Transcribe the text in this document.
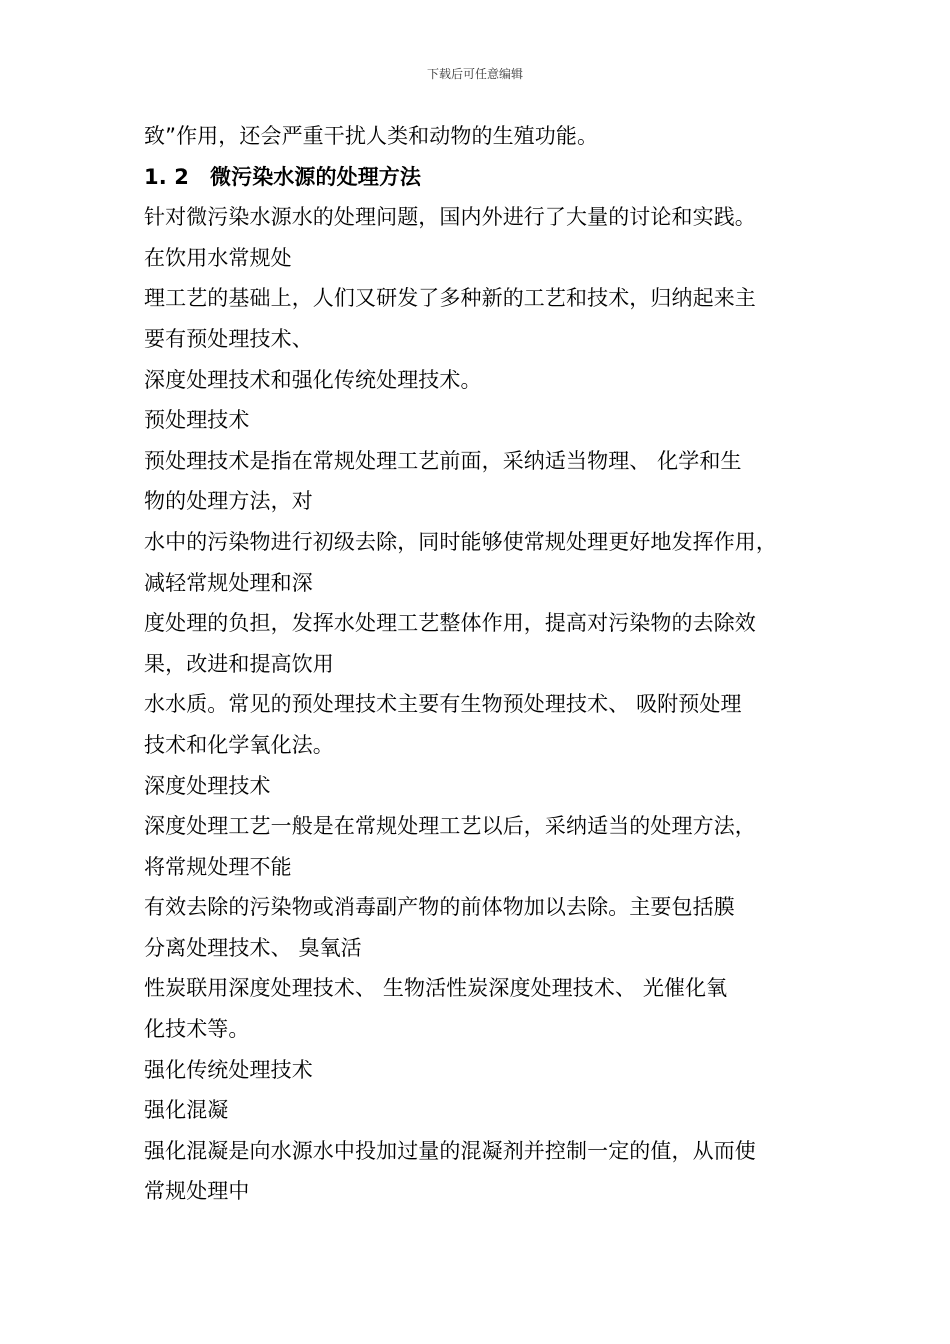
下载后可任意编辑
致”作用，还会严重干扰人类和动物的生殖功能。
1. 2　微污染水源的处理方法
针对微污染水源水的处理问题，国内外进行了大量的讨论和实践。
在饮用水常规处
理工艺的基础上，人们又研发了多种新的工艺和技术，归纳起来主
要有预处理技术、
深度处理技术和强化传统处理技术。
预处理技术
预处理技术是指在常规处理工艺前面，采纳适当物理、 化学和生
物的处理方法，对
水中的污染物进行初级去除，同时能够使常规处理更好地发挥作用，
减轻常规处理和深
度处理的负担，发挥水处理工艺整体作用，提高对污染物的去除效
果，改进和提高饮用
水水质。常见的预处理技术主要有生物预处理技术、 吸附预处理
技术和化学氧化法。
深度处理技术
深度处理工艺一般是在常规处理工艺以后，采纳适当的处理方法，
将常规处理不能
有效去除的污染物或消毒副产物的前体物加以去除。主要包括膜
分离处理技术、 臭氧活
性炭联用深度处理技术、 生物活性炭深度处理技术、 光催化氧
化技术等。
强化传统处理技术
强化混凝
强化混凝是向水源水中投加过量的混凝剂并控制一定的值，从而使
常规处理中
